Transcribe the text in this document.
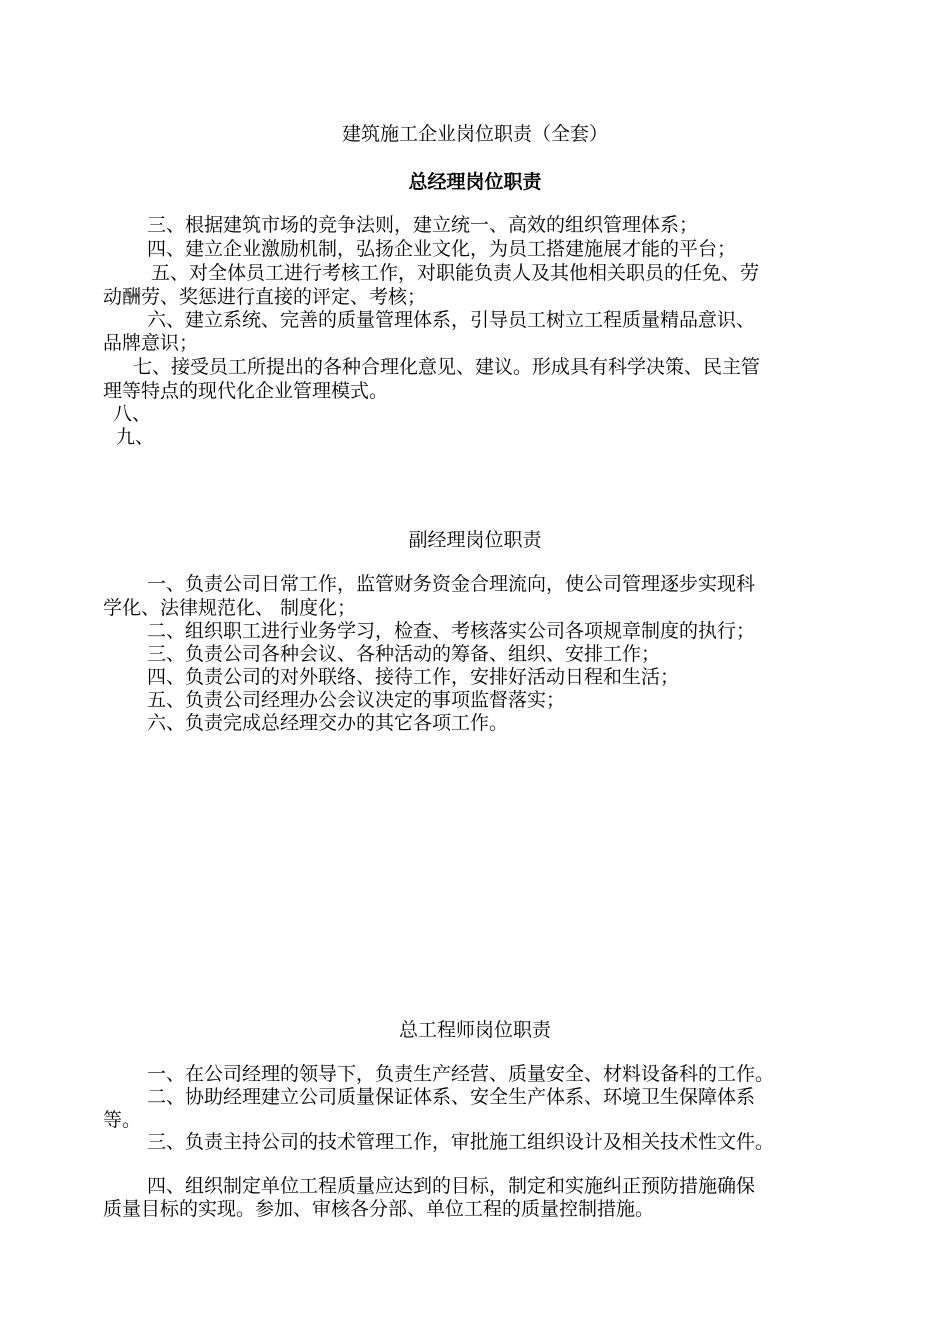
建筑施工企业岗位职责（全套）
总经理岗位职责
三、根据建筑市场的竞争法则，建立统一、高效的组织管理体系；
四、建立企业激励机制，弘扬企业文化，为员工搭建施展才能的平台；
五、对全体员工进行考核工作，对职能负责人及其他相关职员的任免、劳
动酬劳、奖惩进行直接的评定、考核；
六、建立系统、完善的质量管理体系，引导员工树立工程质量精品意识、
品牌意识；
七、接受员工所提出的各种合理化意见、建议。形成具有科学决策、民主管
理等特点的现代化企业管理模式。
八、
九、
副经理岗位职责
一、负责公司日常工作，监管财务资金合理流向，使公司管理逐步实现科
学化、法律规范化、 制度化；
二、组织职工进行业务学习，检查、考核落实公司各项规章制度的执行；
三、负责公司各种会议、各种活动的筹备、组织、安排工作；
四、负责公司的对外联络、接待工作，安排好活动日程和生活；
五、负责公司经理办公会议决定的事项监督落实；
六、负责完成总经理交办的其它各项工作。
总工程师岗位职责
一、在公司经理的领导下，负责生产经营、质量安全、材料设备科的工作。
二、协助经理建立公司质量保证体系、安全生产体系、环境卫生保障体系
等。
三、负责主持公司的技术管理工作，审批施工组织设计及相关技术性文件。
四、组织制定单位工程质量应达到的目标，制定和实施纠正预防措施确保
质量目标的实现。参加、审核各分部、单位工程的质量控制措施。
